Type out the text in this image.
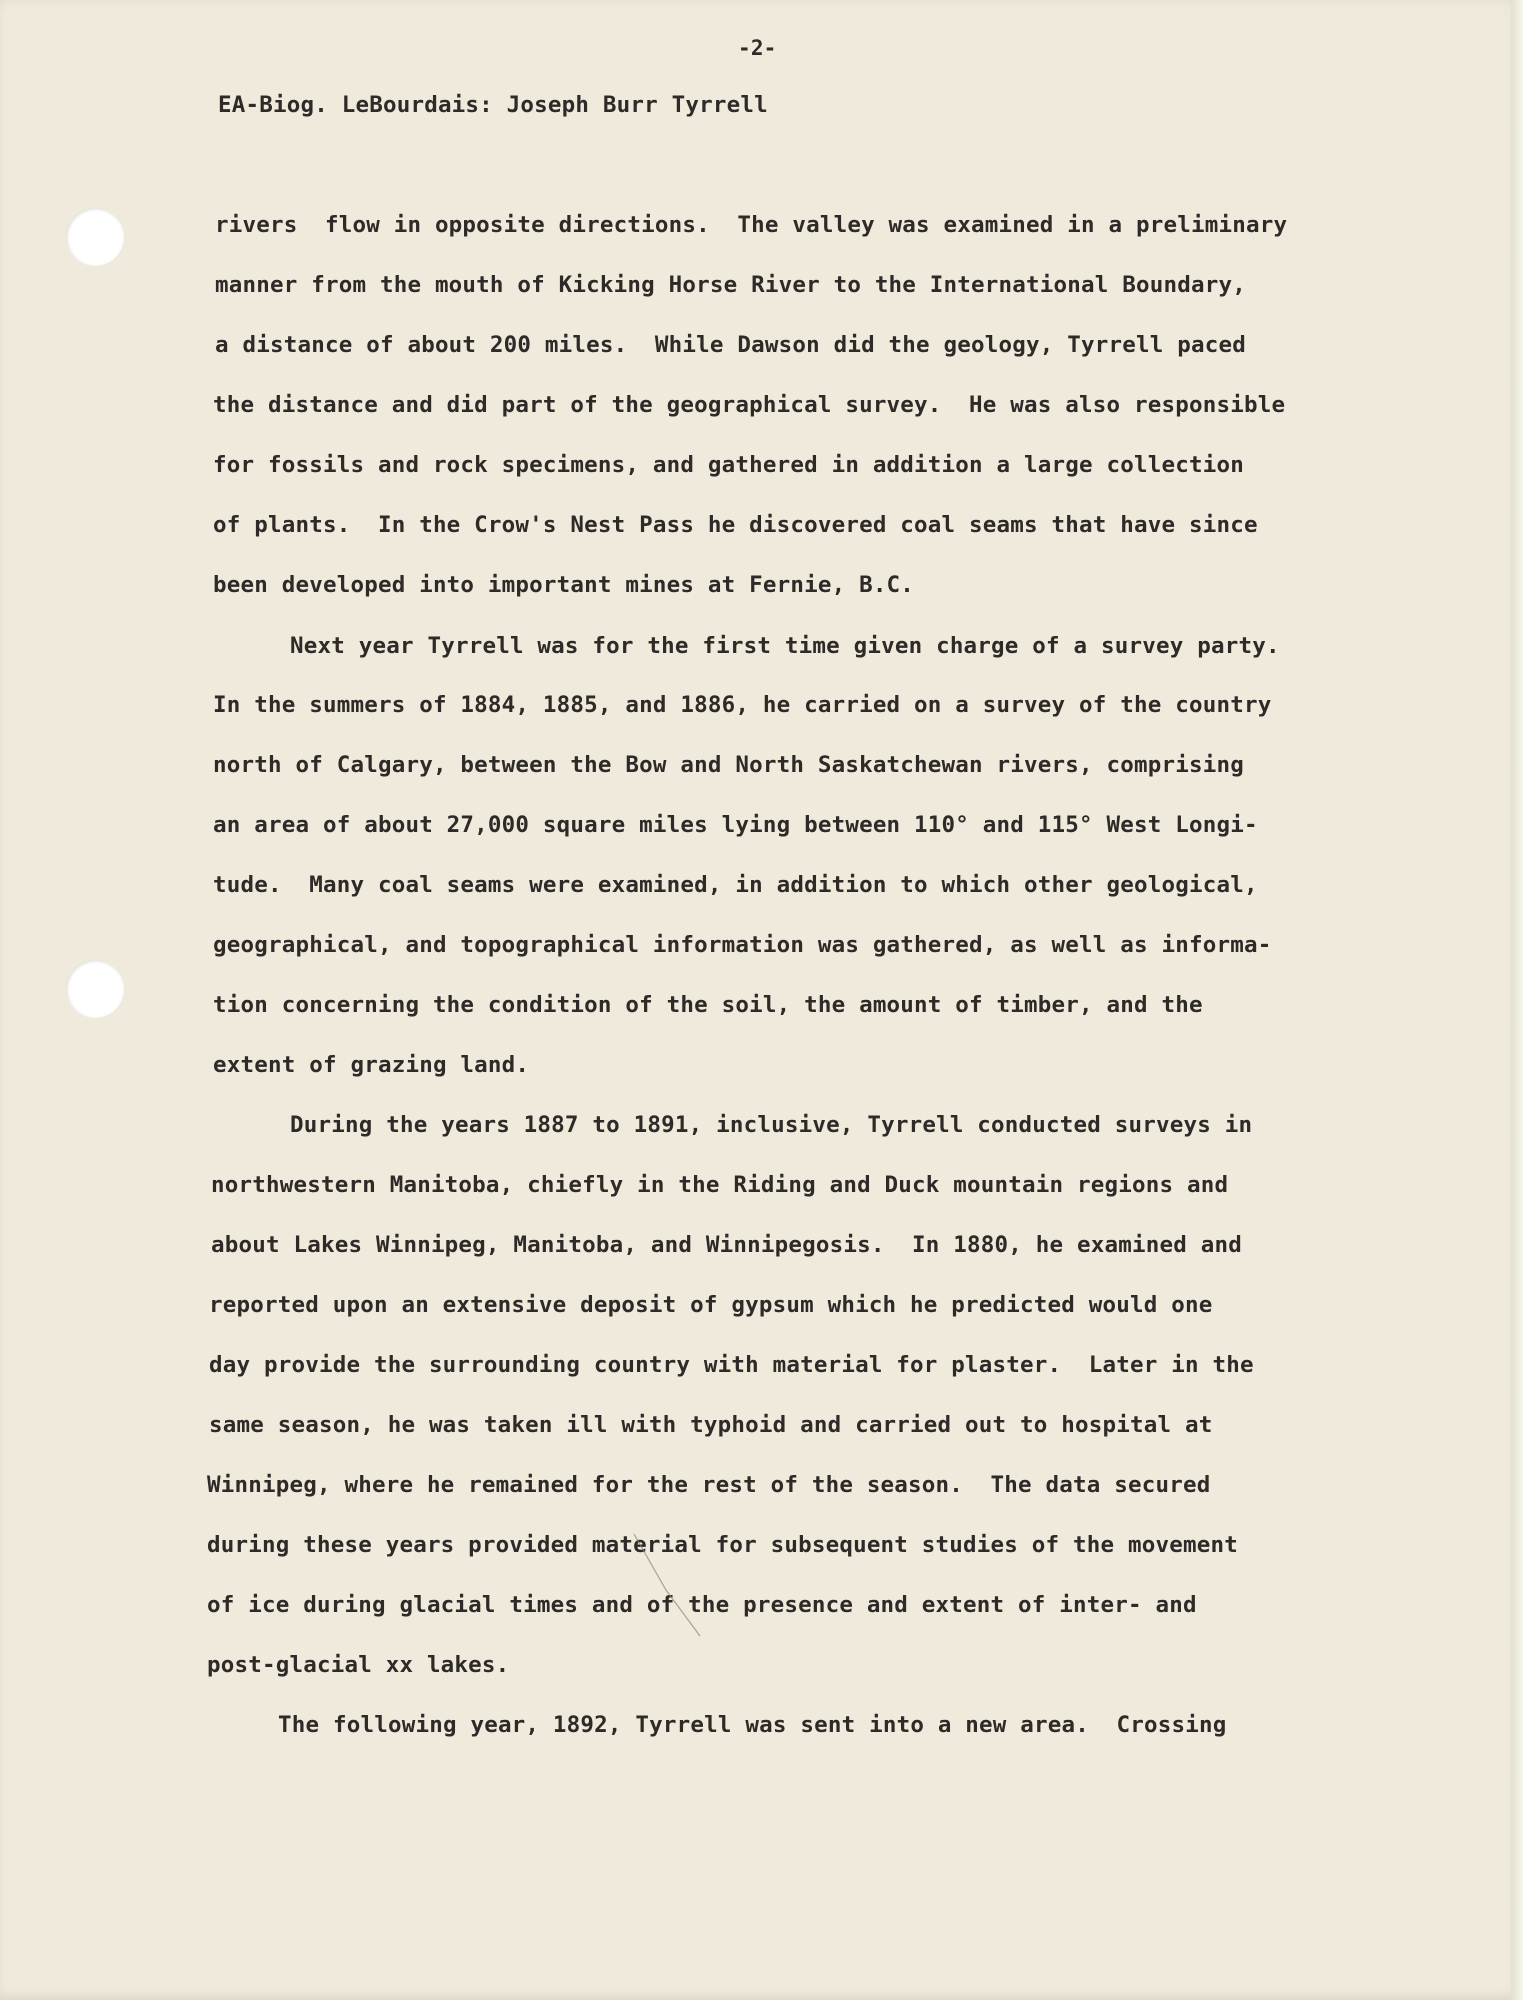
-2-
EA-Biog. LeBourdais: Joseph Burr Tyrrell
rivers  flow in opposite directions.  The valley was examined in a preliminary
manner from the mouth of Kicking Horse River to the International Boundary,
a distance of about 200 miles.  While Dawson did the geology, Tyrrell paced
the distance and did part of the geographical survey.  He was also responsible
for fossils and rock specimens, and gathered in addition a large collection
of plants.  In the Crow's Nest Pass he discovered coal seams that have since
been developed into important mines at Fernie, B.C.
Next year Tyrrell was for the first time given charge of a survey party.
In the summers of 1884, 1885, and 1886, he carried on a survey of the country
north of Calgary, between the Bow and North Saskatchewan rivers, comprising
an area of about 27,000 square miles lying between 110° and 115° West Longi-
tude.  Many coal seams were examined, in addition to which other geological,
geographical, and topographical information was gathered, as well as informa-
tion concerning the condition of the soil, the amount of timber, and the
extent of grazing land.
During the years 1887 to 1891, inclusive, Tyrrell conducted surveys in
northwestern Manitoba, chiefly in the Riding and Duck mountain regions and
about Lakes Winnipeg, Manitoba, and Winnipegosis.  In 1880, he examined and
reported upon an extensive deposit of gypsum which he predicted would one
day provide the surrounding country with material for plaster.  Later in the
same season, he was taken ill with typhoid and carried out to hospital at
Winnipeg, where he remained for the rest of the season.  The data secured
during these years provided material for subsequent studies of the movement
of ice during glacial times and of the presence and extent of inter- and
post-glacial xx lakes.
The following year, 1892, Tyrrell was sent into a new area.  Crossing
